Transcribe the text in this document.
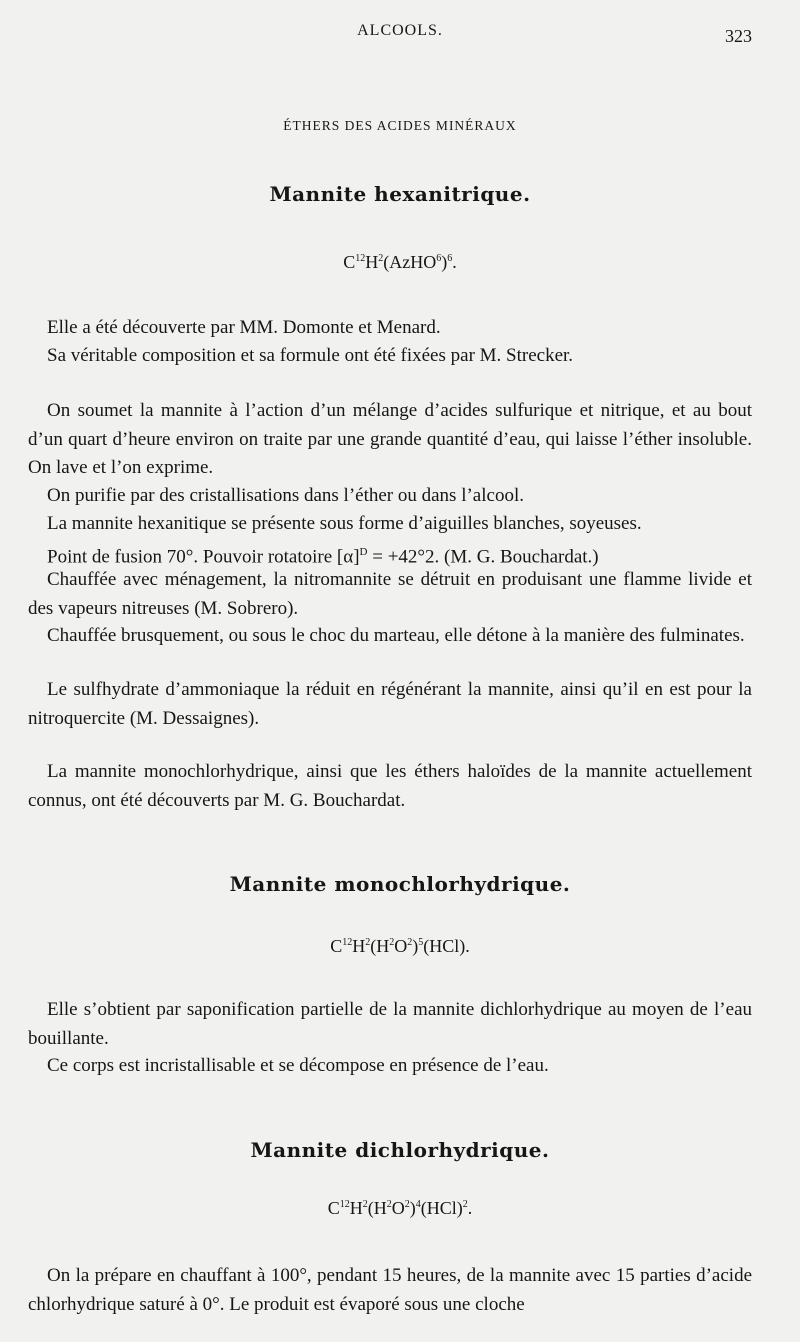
ALCOOLS.	323
ÉTHERS DES ACIDES MINÉRAUX
Mannite hexanitrique.
$C^{12}H^2(AzHO^6)^6$.

Elle a été découverte par MM. Domonte et Menard.

Sa véritable composition et sa formule ont été fixées par M. Strecker.

On soumet la mannite à l’action d’un mélange d’acides sulfurique et nitrique, et au bout d’un quart d’heure environ on traite par une grande quantité d’eau, qui laisse l’éther insoluble. On lave et l’on exprime.

On purifie par des cristallisations dans l’éther ou dans l’alcool.

La mannite hexanitique se présente sous forme d’aiguilles blanches, soyeuses.

Point de fusion 70°. Pouvoir rotatoire $[\alpha]^D = +42^\circ 2$. (M. G. Bouchardat.)

Chauffée avec ménagement, la nitromannite se détruit en produisant une flamme livide et des vapeurs nitreuses (M. Sobrero).

Chauffée brusquement, ou sous le choc du marteau, elle détone à la manière des fulminates.

Le sulfhydrate d’ammoniaque la réduit en régénérant la mannite, ainsi qu’il en est pour la nitroquercite (M. Dessaignes).

La mannite monochlorhydrique, ainsi que les éthers haloïdes de la mannite actuellement connus, ont été découverts par M. G. Bouchardat.

Mannite monochlorhydrique.
$C^{12}H^2(H^2O^2)^5(HCl)$.

Elle s’obtient par saponification partielle de la mannite dichlorhydrique au moyen de l’eau bouillante.

Ce corps est incristallisable et se décompose en présence de l’eau.

Mannite dichlorhydrique.
$C^{12}H^2(H^2O^2)^4(HCl)^2$.

On la prépare en chauffant à 100°, pendant 15 heures, de la mannite avec 15 parties d’acide chlorhydrique saturé à 0°. Le produit est évaporé sous une cloche
